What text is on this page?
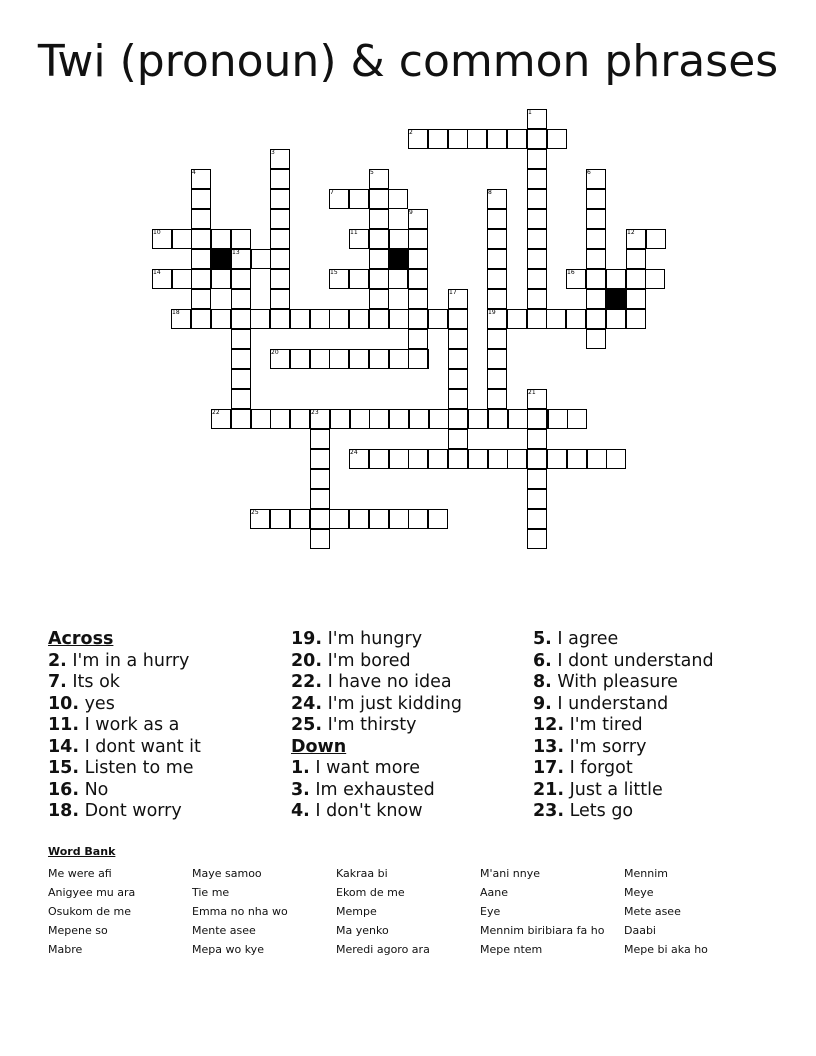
Twi (pronoun) & common phrases
1
2
3
4	5	6
7	8
9
10	11	12
13
14	15	16
17
18	19
20
21
22	23
24
25
Across
2. I'm in a hurry
7. Its ok
10. yes
11. I work as a
14. I dont want it
15. Listen to me
16. No
18. Dont worry
19. I'm hungry
20. I'm bored
22. I have no idea
24. I'm just kidding
25. I'm thirsty
Down
1. I want more
3. Im exhausted
4. I don't know
5. I agree
6. I dont understand
8. With pleasure
9. I understand
12. I'm tired
13. I'm sorry
17. I forgot
21. Just a little
23. Lets go
Word Bank
Me were afi
Anigyee mu ara
Osukom de me
Mepene so
Mabre
Maye samoo
Tie me
Emma no nha wo
Mente asee
Mepa wo kye
Kakraa bi
Ekom de me
Mempe
Ma yenko
Meredi agoro ara
M'ani nnye
Aane
Eye
Mennim biribiara fa ho
Mepe ntem
Mennim
Meye
Mete asee
Daabi
Mepe bi aka ho
